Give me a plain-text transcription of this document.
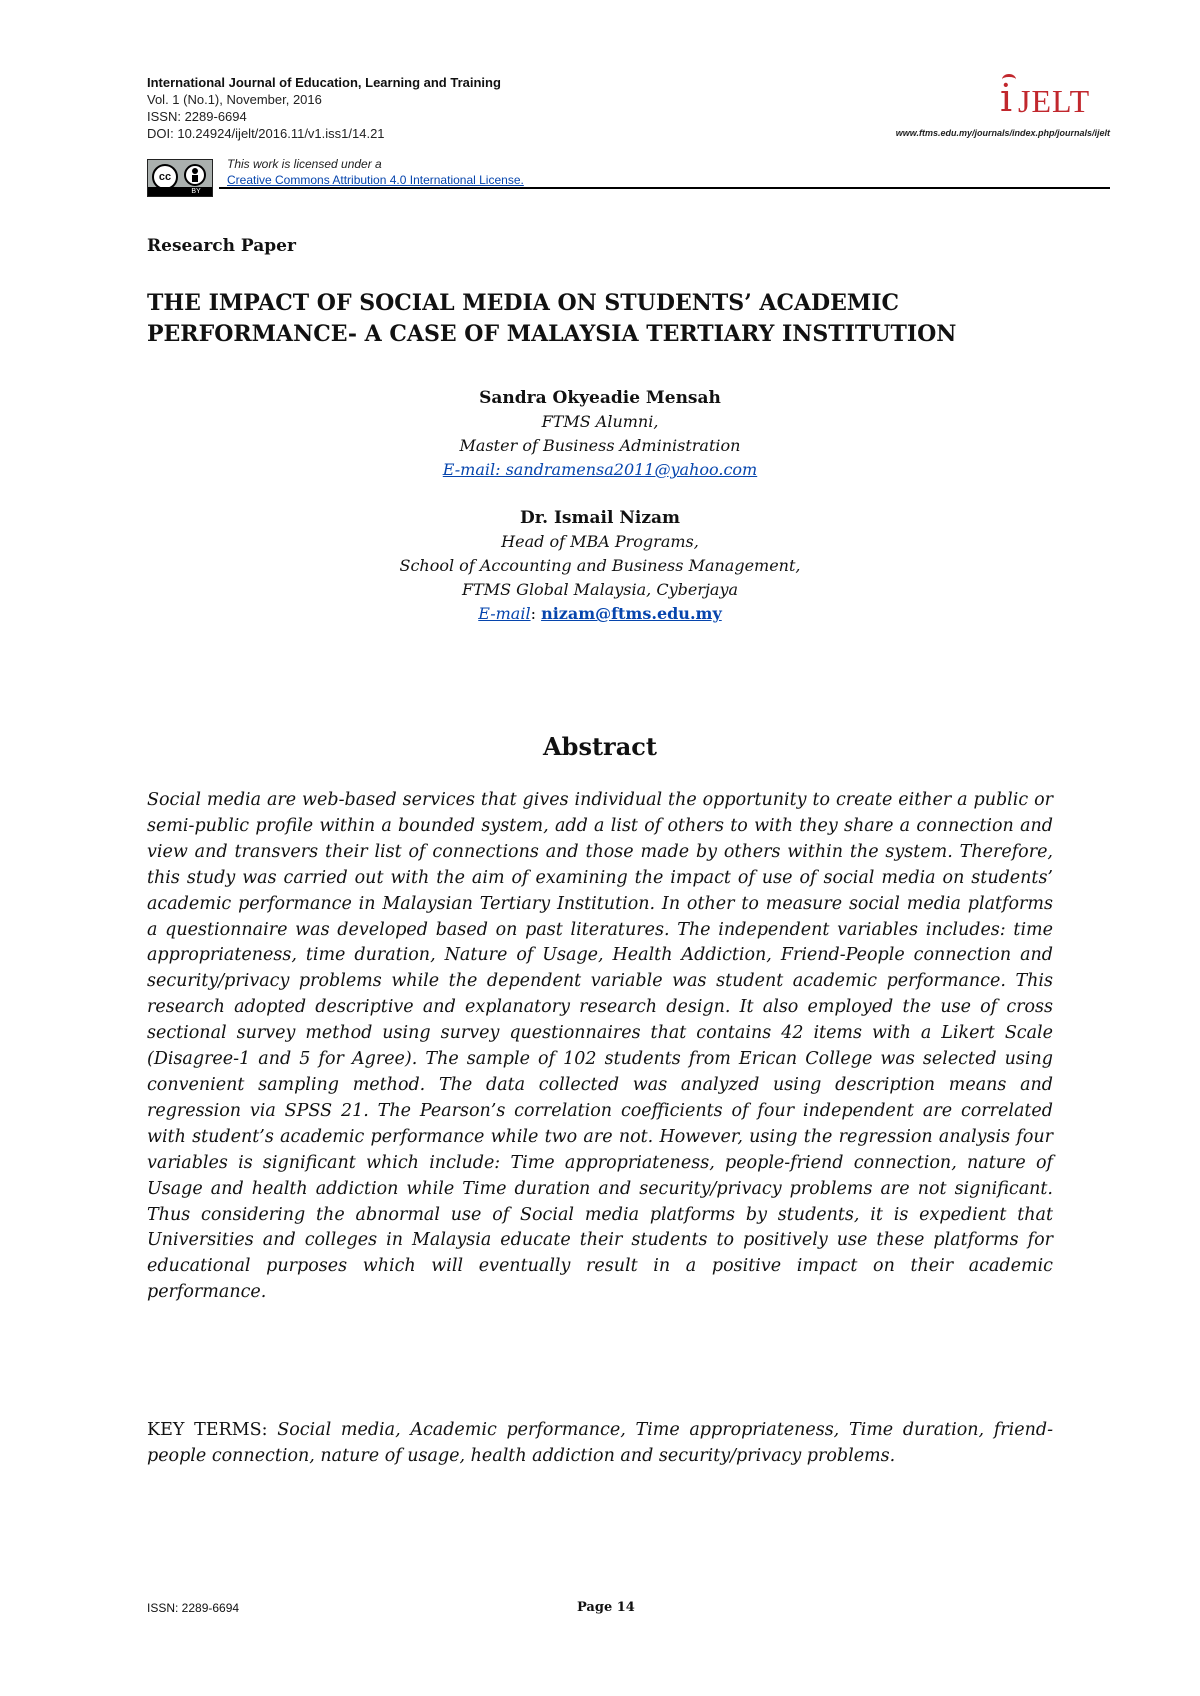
International Journal of Education, Learning and Training
Vol. 1 (No.1), November, 2016
ISSN: 2289-6694
DOI: 10.24924/ijelt/2016.11/v1.iss1/14.21
cc
BY
This work is licensed under a
Creative Commons Attribution 4.0 International License.
i JELT
www.ftms.edu.my/journals/index.php/journals/ijelt
Research Paper
THE IMPACT OF SOCIAL MEDIA ON STUDENTS’ ACADEMIC PERFORMANCE- A CASE OF MALAYSIA TERTIARY INSTITUTION
Sandra Okyeadie Mensah
FTMS Alumni,
Master of Business Administration
E-mail: sandramensa2011@yahoo.com
Dr. Ismail Nizam
Head of MBA Programs,
School of Accounting and Business Management,
FTMS Global Malaysia, Cyberjaya
E-mail: nizam@ftms.edu.my
Abstract

Social media are web-based services that gives individual the opportunity to create either a public or semi-public profile within a bounded system, add a list of others to with they share a connection and view and transvers their list of connections and those made by others within the system. Therefore, this study was carried out with the aim of examining the impact of use of social media on students’ academic performance in Malaysian Tertiary Institution. In other to measure social media platforms a questionnaire was developed based on past literatures. The independent variables includes: time appropriateness, time duration, Nature of Usage, Health Addiction, Friend-People connection and security/privacy problems while the dependent variable was student academic performance. This research adopted descriptive and explanatory research design. It also employed the use of cross sectional survey method using survey questionnaires that contains 42 items with a Likert Scale (Disagree-1 and 5 for Agree). The sample of 102 students from Erican College was selected using convenient sampling method. The data collected was analyzed using description means and regression via SPSS 21. The Pearson’s correlation coefficients of four independent are correlated with student’s academic performance while two are not. However, using the regression analysis four variables is significant which include: Time appropriateness, people-friend connection, nature of Usage and health addiction while Time duration and security/privacy problems are not significant. Thus considering the abnormal use of Social media platforms by students, it is expedient that Universities and colleges in Malaysia educate their students to positively use these platforms for educational purposes which will eventually result in a positive impact on their academic performance.

KEY TERMS: Social media, Academic performance, Time appropriateness, Time duration, friend-people connection, nature of usage, health addiction and security/privacy problems.

ISSN: 2289-6694	Page 14
